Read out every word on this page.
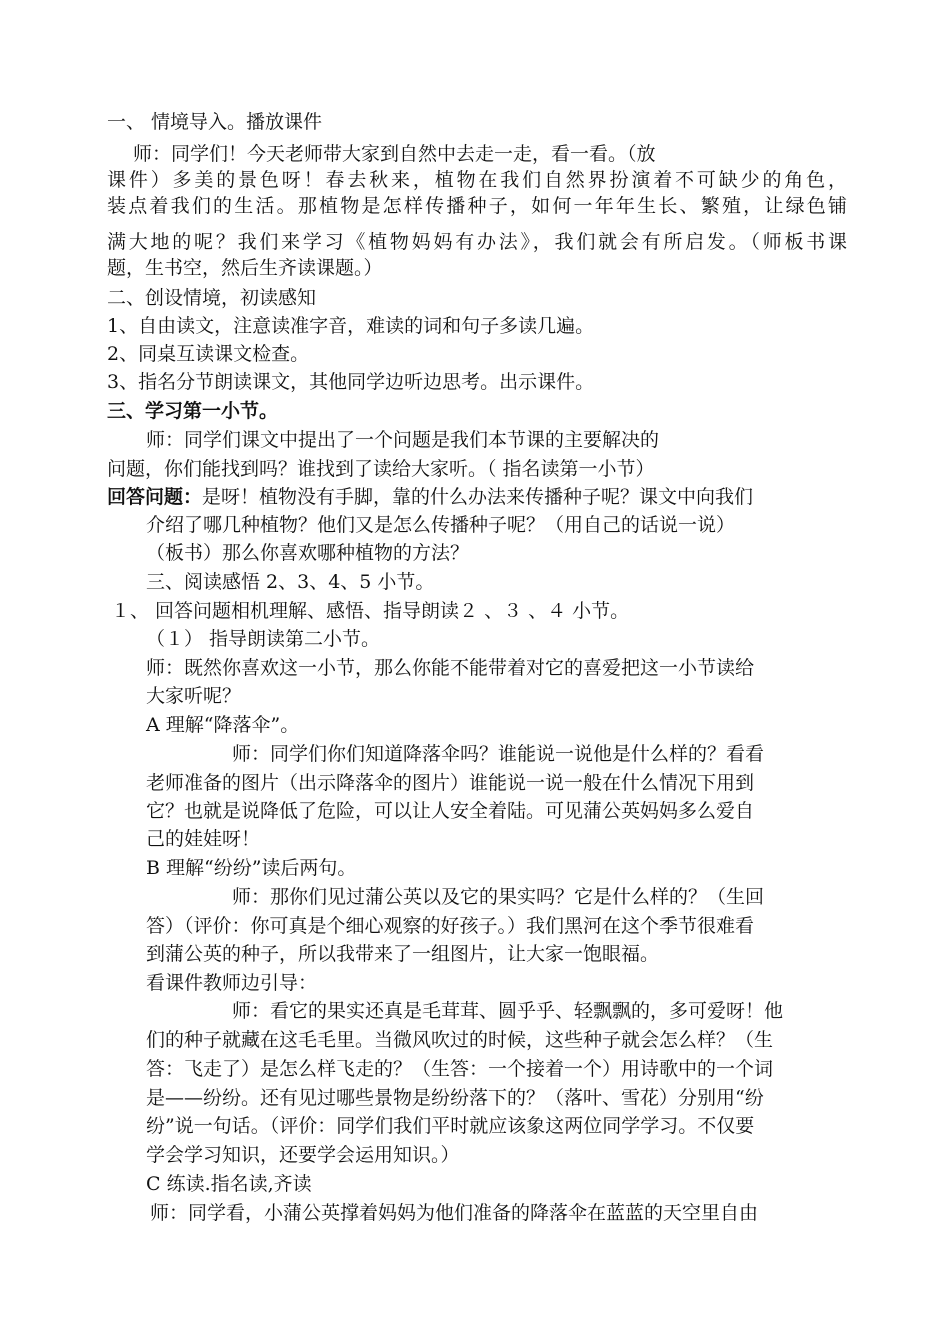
一、 情境导入。播放课件
师：同学们！今天老师带大家到自然中去走一走，看一看。（放
课件）多美的景色呀！春去秋来，植物在我们自然界扮演着不可缺少的角色，
装点着我们的生活。那植物是怎样传播种子，如何一年年生长、繁殖，让绿色铺
满大地的呢？我们来学习《植物妈妈有办法》，我们就会有所启发。（师板书课
题，生书空，然后生齐读课题。）
二、创设情境，初读感知
1、自由读文，注意读准字音，难读的词和句子多读几遍。
2、同桌互读课文检查。
3、指名分节朗读课文，其他同学边听边思考。出示课件。
三、学习第一小节。
师：同学们课文中提出了一个问题是我们本节课的主要解决的
问题，你们能找到吗？谁找到了读给大家听。（ 指名读第一小节）
回答问题：是呀！植物没有手脚，靠的什么办法来传播种子呢？课文中向我们
介绍了哪几种植物？他们又是怎么传播种子呢？（用自己的话说一说）
（板书）那么你喜欢哪种植物的方法？
三、阅读感悟 2、3、4、5 小节。
１、 回答问题相机理解、感悟、指导朗读２ 、３ 、４ 小节。
（１） 指导朗读第二小节。
师：既然你喜欢这一小节，那么你能不能带着对它的喜爱把这一小节读给
大家听呢？
A 理解“降落伞”。
师：同学们你们知道降落伞吗？谁能说一说他是什么样的？看看
老师准备的图片（出示降落伞的图片）谁能说一说一般在什么情况下用到
它？也就是说降低了危险，可以让人安全着陆。可见蒲公英妈妈多么爱自
己的娃娃呀！
B 理解“纷纷”读后两句。
师：那你们见过蒲公英以及它的果实吗？它是什么样的？（生回
答）（评价：你可真是个细心观察的好孩子。）我们黑河在这个季节很难看
到蒲公英的种子，所以我带来了一组图片，让大家一饱眼福。
看课件教师边引导：
师：看它的果实还真是毛茸茸、圆乎乎、轻飘飘的，多可爱呀！他
们的种子就藏在这毛毛里。当微风吹过的时候，这些种子就会怎么样？（生
答：飞走了）是怎么样飞走的？（生答：一个接着一个）用诗歌中的一个词
是——纷纷。还有见过哪些景物是纷纷落下的？（落叶、雪花）分别用“纷
纷”说一句话。（评价：同学们我们平时就应该象这两位同学学习。不仅要
学会学习知识，还要学会运用知识。）
C 练读.指名读,齐读
师：同学看，小蒲公英撑着妈妈为他们准备的降落伞在蓝蓝的天空里自由
